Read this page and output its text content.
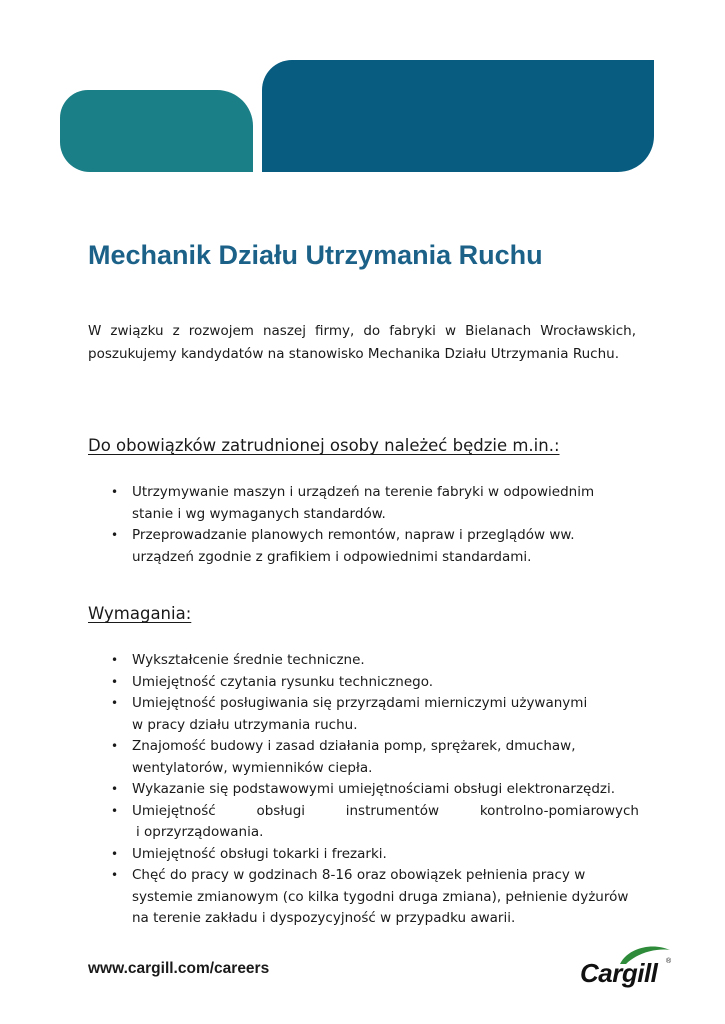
Mechanik Działu Utrzymania Ruchu

W związku z rozwojem naszej firmy, do fabryki w Bielanach Wrocławskich, poszukujemy kandydatów na stanowisko Mechanika Działu Utrzymania Ruchu.

Do obowiązków zatrudnionej osoby należeć będzie m.in.:
• Utrzymywanie maszyn i urządzeń na terenie fabryki w odpowiednim
stanie i wg wymaganych standardów.
• Przeprowadzanie planowych remontów, napraw i przeglądów ww.
urządzeń zgodnie z grafikiem i odpowiednimi standardami.
Wymagania:
• Wykształcenie średnie techniczne.
• Umiejętność czytania rysunku technicznego.
• Umiejętność posługiwania się przyrządami mierniczymi używanymi
w pracy działu utrzymania ruchu.
• Znajomość budowy i zasad działania pomp, sprężarek, dmuchaw,
wentylatorów, wymienników ciepła.
• Wykazanie się podstawowymi umiejętnościami obsługi elektronarzędzi.
• Umiejętność obsługi instrumentów kontrolno-pomiarowych
i oprzyrządowania.
• Umiejętność obsługi tokarki i frezarki.
• Chęć do pracy w godzinach 8-16 oraz obowiązek pełnienia pracy w
systemie zmianowym (co kilka tygodni druga zmiana), pełnienie dyżurów
na terenie zakładu i dyspozycyjność w przypadku awarii.
www.cargill.com/careers	Cargill ®
